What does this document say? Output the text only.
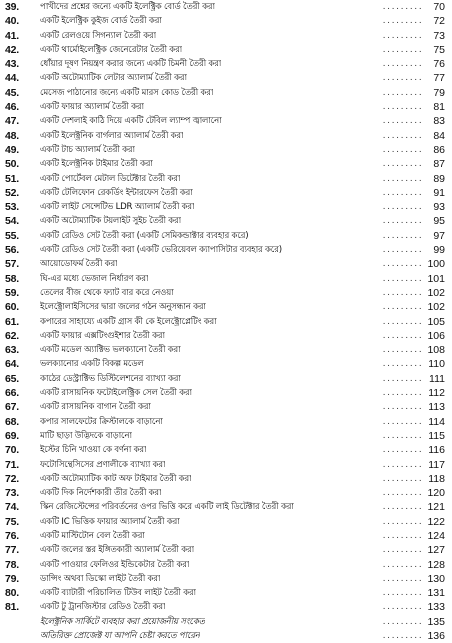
39.	পাখীদের প্রশ্নের জন্যে একটি ইলেক্ট্রিক বোর্ড তৈরী করা	.........	70
40.	একটি ইলেক্ট্রিক কুইজ বোর্ড তৈরী করা	.........	72
41.	একটি রেলওয়ে সিগন্যাল তৈরী করা	.........	73
42.	একটি থার্মোইলেক্ট্রিক জেনেরেটার তৈরী করা	.........	75
43.	ধোঁয়ার দূষণ নিয়ন্ত্রণ করার জন্যে একটি চিমনী তৈরী করা	.........	76
44.	একটি অটোম্যাটিক লেটার অ্যালার্ম তৈরী করা	.........	77
45.	মেসেজ পাঠানোর জন্যে একটি মারস কোড তৈরী করা	.........	79
46.	একটি ফায়ার অ্যালার্ম তৈরী করা	.........	81
47.	একটি দেশলাই কাঠি দিয়ে একটি টেবিল ল্যাম্প জ্বালানো	.........	83
48.	একটি ইলেক্ট্রনিক বার্গলার অ্যালার্ম তৈরী করা	.........	84
49.	একটি টাচ অ্যালার্ম তৈরী করা	.........	86
50.	একটি ইলেক্ট্রনিক টাইমার তৈরী করা	.........	87
51.	একটি পোর্টেবল মেটাল ডিটেক্টার তৈরী করা	.........	89
52.	একটি টেলিফোন রেকর্ডিং ইন্টারফেস তৈরী করা	.........	91
53.	একটি লাইট সেন্সেটিভ LDR অ্যালার্ম তৈরী করা	.........	93
54.	একটি অটোম্যাটিক টয়লাইট সুইচ তৈরী করা	.........	95
55.	একটি রেডিও সেট তৈরী করা (একটি সেমিকন্ডাক্টার ব্যবহার করে)	.........	97
56.	একটি রেডিও সেট তৈরী করা (একটি ভেরিয়েবল ক্যাপাসিটার ব্যবহার করে)	.........	99
57.	আয়োডোফর্ম তৈরী করা	......... 100
58.	ঘি-এর মধ্যে ভেজাল নির্ধারণ করা	......... 101
59.	তেলের বীজ থেকে ফ্যাট বার করে নেওয়া	......... 102
60.	ইলেক্ট্রোলাইসিসের দ্বারা জলের গঠন অনুসন্ধান করা	......... 102
61.	কপারের সাহায্যে একটি গ্রাস কী কে ইলেক্ট্রোপ্লেটিং করা	......... 105
62.	একটি ফায়ার এক্সটিংগুইশার তৈরী করা	......... 106
63.	একটি মডেল অ্যাক্টিভ ভলক্যানো তৈরী করা	......... 108
64.	ভলক্যানোর একটি বিকল্প মডেল	......... 110
65.	কাঠের ডেস্ট্রাক্টিভ ডিস্টিলেশনের ব্যাখ্যা করা	......... 111
66.	একটি রাসায়নিক ফটোইলেক্ট্রিক সেল তৈরী করা	......... 112
67.	একটি রাসায়নিক বাগান তৈরী করা	......... 113
68.	কপার সালফেটের ক্রিস্টালকে বাড়ানো	......... 114
69.	মাটি ছাড়া উদ্ভিদকে বাড়ানো	......... 115
70.	ইস্টের চিনি খাওয়া কে বর্ণনা করা	......... 116
71.	ফটোসিন্থেসিসের প্রণালীকে ব্যাখ্যা করা	......... 117
72.	একটি অটোম্যাটিক কাট অফ টাইমার তৈরী করা	......... 118
73.	একটি দিক নির্দেশকারী তীর তৈরী করা	......... 120
74.	স্কিন রেজিস্টেন্সের পরিবর্তনের ওপর ভিত্তি করে একটি লাই ডিটেক্টার তৈরী করা	......... 121
75.	একটি IC ভিত্তিক ফায়ার অ্যালার্ম তৈরী করা	......... 122
76.	একটি মাস্টিটোন বেল তৈরী করা	......... 124
77.	একটি জলের স্তর ইঙ্গিতকারী অ্যালার্ম তৈরী করা	......... 127
78.	একটি পাওয়ার ফেলিওর ইন্ডিকেটার তৈরী করা	......... 128
79.	ডান্সিং অথবা ডিস্কো লাইট তৈরী করা	......... 130
80.	একটি ব্যাটারী পরিচালিত টিউব লাইট তৈরী করা	......... 131
81.	একটি টু ট্রানজিস্টার রেডিও তৈরী করা	......... 133
ইলেক্ট্রনিক সার্কিটে ব্যবহার করা প্রয়োজনীয় সংকেত	......... 135
অতিরিক্ত প্রোজেক্ট যা আপনি চেষ্টা করতে পারেন	......... 136
